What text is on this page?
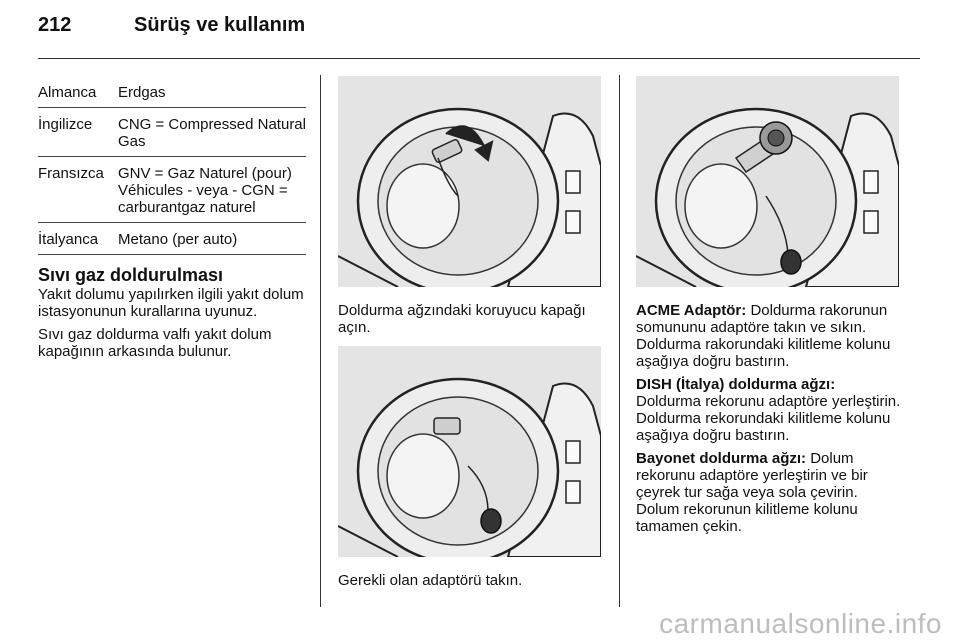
212	Sürüş ve kullanım
Almanca	Erdgas
İngilizce	CNG = Compressed Natural Gas
Fransızca GNV = Gaz Naturel (pour) Véhicules - veya - CGN = carburantgaz naturel
İtalyanca	Metano (per auto)
Sıvı gaz doldurulması

Yakıt dolumu yapılırken ilgili yakıt dolum istasyonunun kurallarına uyunuz.

Sıvı gaz doldurma valfı yakıt dolum kapağının arkasında bulunur.

Doldurma ağzındaki koruyucu kapağı açın.
Gerekli olan adaptörü takın.

ACME Adaptör: Doldurma rakorunun somununu adaptöre takın ve sıkın. Doldurma rakorundaki kilitleme kolunu aşağıya doğru bastırın.

DISH (İtalya) doldurma ağzı:
Doldurma rekorunu adaptöre yerleştirin. Doldurma rekorundaki kilitleme kolunu aşağıya doğru bastırın.

Bayonet doldurma ağzı: Dolum rekorunu adaptöre yerleştirin ve bir çeyrek tur sağa veya sola çevirin. Dolum rekorunun kilitleme kolunu tamamen çekin.

carmanualsonline.info
